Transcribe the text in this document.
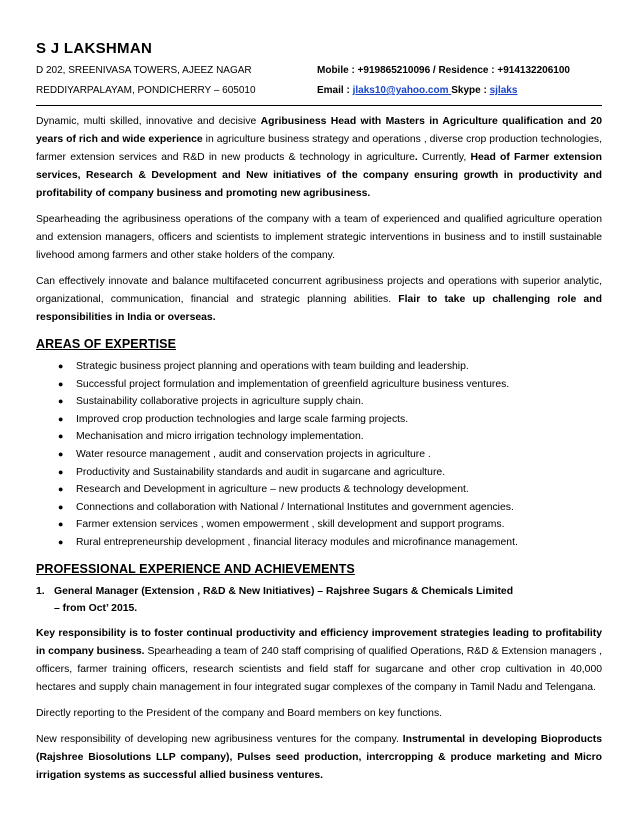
S J LAKSHMAN
D 202, SREENIVASA TOWERS, AJEEZ NAGAR	Mobile : +919865210096 / Residence : +914132206100
REDDIYARPALAYAM, PONDICHERRY – 605010	Email : jlaks10@yahoo.com Skype : sjlaks

Dynamic, multi skilled, innovative and decisive Agribusiness Head with Masters in Agriculture qualification and 20 years of rich and wide experience in agriculture business strategy and operations , diverse crop production technologies, farmer extension services and R&D in new products & technology in agriculture. Currently, Head of Farmer extension services, Research & Development and New initiatives of the company ensuring growth in productivity and profitability of company business and promoting new agribusiness.

Spearheading the agribusiness operations of the company with a team of experienced and qualified agriculture operation and extension managers, officers and scientists to implement strategic interventions in business and to instill sustainable livehood among farmers and other stake holders of the company.

Can effectively innovate and balance multifaceted concurrent agribusiness projects and operations with superior analytic, organizational, communication, financial and strategic planning abilities. Flair to take up challenging role and responsibilities in India or overseas.

AREAS OF EXPERTISE
● Strategic business project planning and operations with team building and leadership.
● Successful project formulation and implementation of greenfield agriculture business ventures.
● Sustainability collaborative projects in agriculture supply chain.
● Improved crop production technologies and large scale farming projects.
● Mechanisation and micro irrigation technology implementation.
● Water resource management , audit and conservation projects in agriculture .
● Productivity and Sustainability standards and audit in sugarcane and agriculture.
● Research and Development in agriculture – new products & technology development.
● Connections and collaboration with National / International Institutes and government agencies.
● Farmer extension services , women empowerment , skill development and support programs.
● Rural entrepreneurship development , financial literacy modules and microfinance management.
PROFESSIONAL EXPERIENCE AND ACHIEVEMENTS
1. General Manager (Extension , R&D & New Initiatives) – Rajshree Sugars & Chemicals Limited
– from Oct’ 2015.

Key responsibility is to foster continual productivity and efficiency improvement strategies leading to profitability in company business. Spearheading a team of 240 staff comprising of qualified Operations, R&D & Extension managers , officers, farmer training officers, research scientists and field staff for sugarcane and other crop cultivation in 40,000 hectares and supply chain management in four integrated sugar complexes of the company in Tamil Nadu and Telengana.

Directly reporting to the President of the company and Board members on key functions.

New responsibility of developing new agribusiness ventures for the company. Instrumental in developing Bioproducts (Rajshree Biosolutions LLP company), Pulses seed production, intercropping & produce marketing and Micro irrigation systems as successful allied business ventures.
